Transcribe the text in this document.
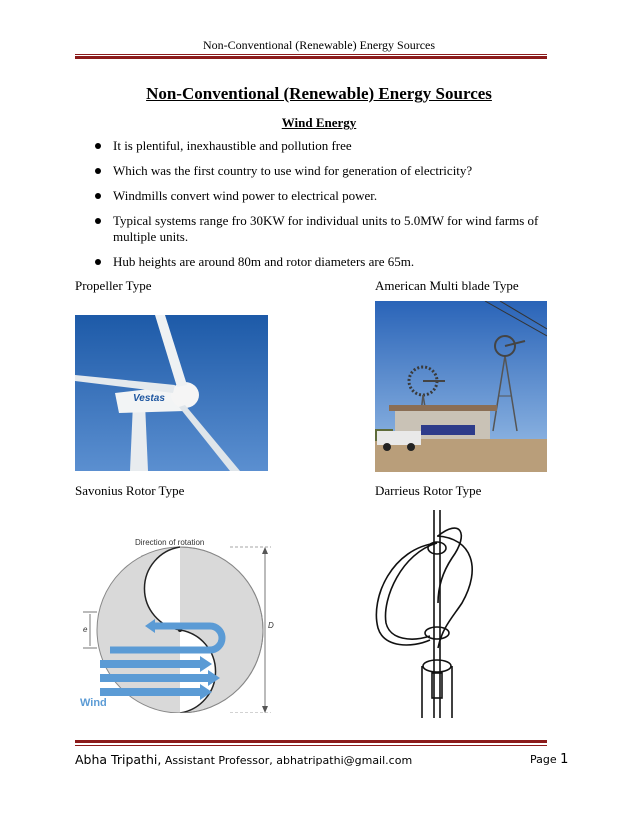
Non-Conventional (Renewable) Energy Sources
Non-Conventional (Renewable) Energy Sources
Wind Energy
It is plentiful, inexhaustible and pollution free
Which was the first country to use wind for generation of electricity?
Windmills convert wind power to electrical power.
Typical systems range fro 30KW for individual units to 5.0MW for wind farms of multiple units.
Hub heights are around 80m and rotor diameters are 65m.
Propeller Type	American Multi blade Type
Savonius Rotor Type	Darrieus Rotor Type
Vestas
Direction of rotation
D
e
Wind
Abha Tripathi, Assistant Professor, abhatripathi@gmail.com	Page 1
